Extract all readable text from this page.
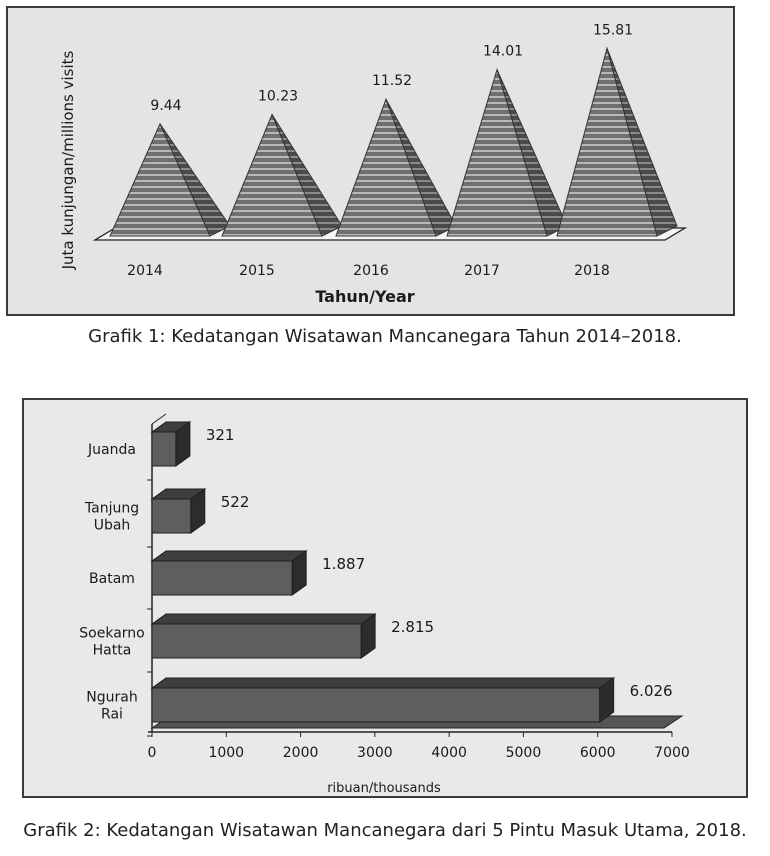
9.44
2014
10.23
2015
11.52
2016
14.01
2017
15.81
2018
Tahun/Year
Juta kunjungan/millions visits
Grafik 1: Kedatangan Wisatawan Mancanegara Tahun 2014–2018.
321
Juanda
522
Tanjung
Ubah
1.887
Batam
2.815
Soekarno
Hatta
6.026
Ngurah
Rai
0	1000	2000	3000	4000	5000	6000	7000
ribuan/thousands
Grafik 2: Kedatangan Wisatawan Mancanegara dari 5 Pintu Masuk Utama, 2018.
